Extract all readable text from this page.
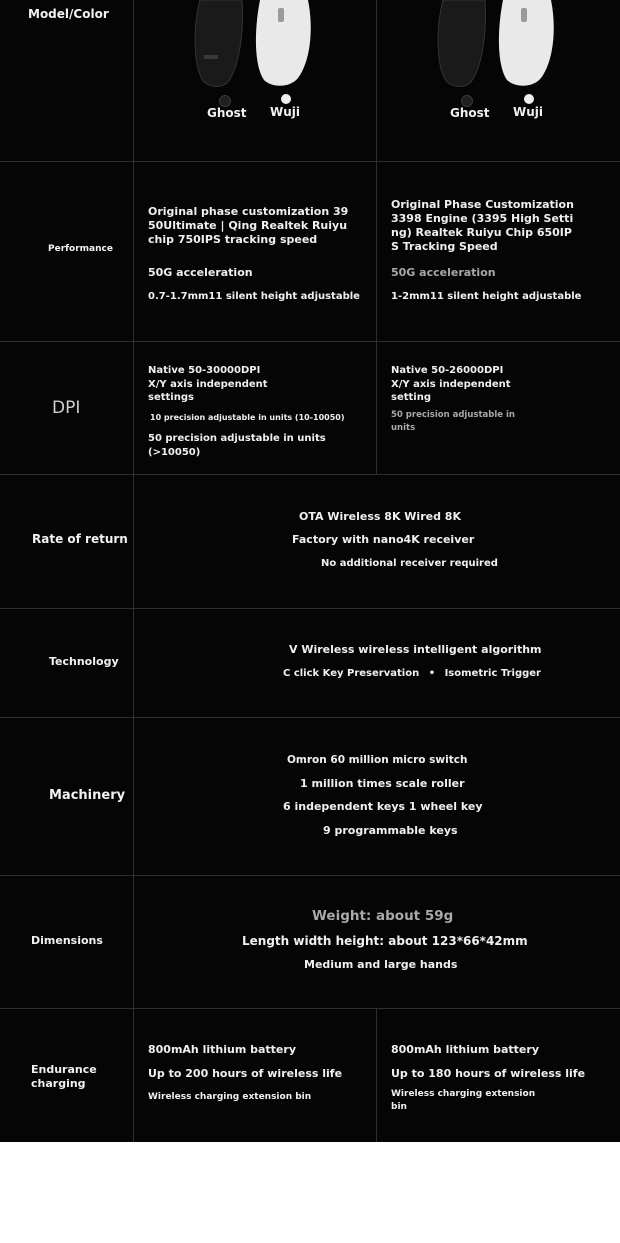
Model/Color
Ghost Wuji	Ghost Wuji
Performance
Original phase customization 3950Ultimate | Qing Realtek Ruiyu chip 750IPS tracking speed
50G acceleration
0.7-1.7mm11 silent height adjustable
Original Phase Customization 3398 Engine (3395 High Setting) Realtek Ruiyu Chip 650IPS Tracking Speed
50G acceleration
1-2mm11 silent height adjustable
DPI
Native 50-30000DPI X/Y axis independent settings
10 precision adjustable in units (10-10050)
50 precision adjustable in units (>10050)
Native 50-26000DPI X/Y axis independent setting
50 precision adjustable in units
Rate of return
OTA Wireless 8K Wired 8K
Factory with nano4K receiver
No additional receiver required
Technology
V Wireless wireless intelligent algorithm
C click Key Preservation • Isometric Trigger
Machinery
Omron 60 million micro switch
1 million times scale roller
6 independent keys 1 wheel key
9 programmable keys
Dimensions
Weight: about 59g
Length width height: about 123*66*42mm
Medium and large hands
Endurance charging
800mAh lithium battery
Up to 200 hours of wireless life
Wireless charging extension bin
800mAh lithium battery
Up to 180 hours of wireless life
Wireless charging extension bin
